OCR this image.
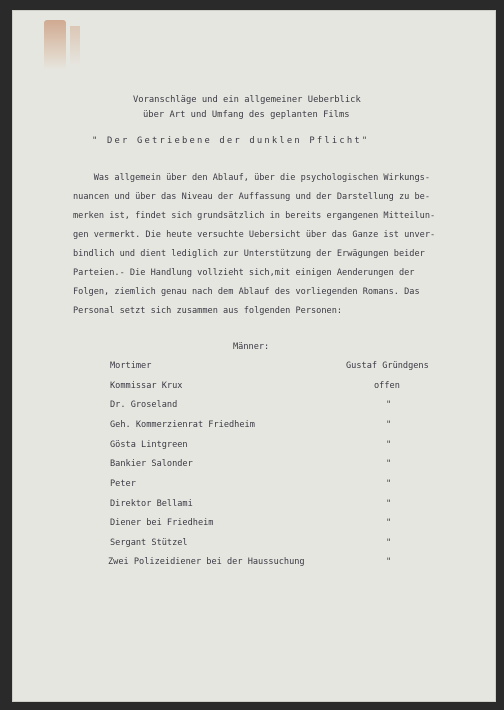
Voranschläge und ein allgemeiner Ueberblick
über Art und Umfang des geplanten Films
" Der Getriebene der dunklen Pflicht"
Was allgemein über den Ablauf, über die psychologischen Wirkungs-
nuancen und über das Niveau der Auffassung und der Darstellung zu be-
merken ist, findet sich grundsätzlich in bereits ergangenen Mitteilun-
gen vermerkt. Die heute versuchte Uebersicht über das Ganze ist unver-
bindlich und dient lediglich zur Unterstützung der Erwägungen beider
Parteien.- Die Handlung vollzieht sich,mit einigen Aenderungen der
Folgen, ziemlich genau nach dem Ablauf des vorliegenden Romans. Das
Personal setzt sich zusammen aus folgenden Personen:
Männer:
Mortimer	Gustaf Gründgens
Kommissar Krux	offen
Dr. Groseland	"
Geh. Kommerzienrat Friedheim	"
Gösta Lintgreen	"
Bankier Salonder	"
Peter	"
Direktor Bellami	"
Diener bei Friedheim	"
Sergant Stützel	"
Zwei Polizeidiener bei der Haussuchung	"
